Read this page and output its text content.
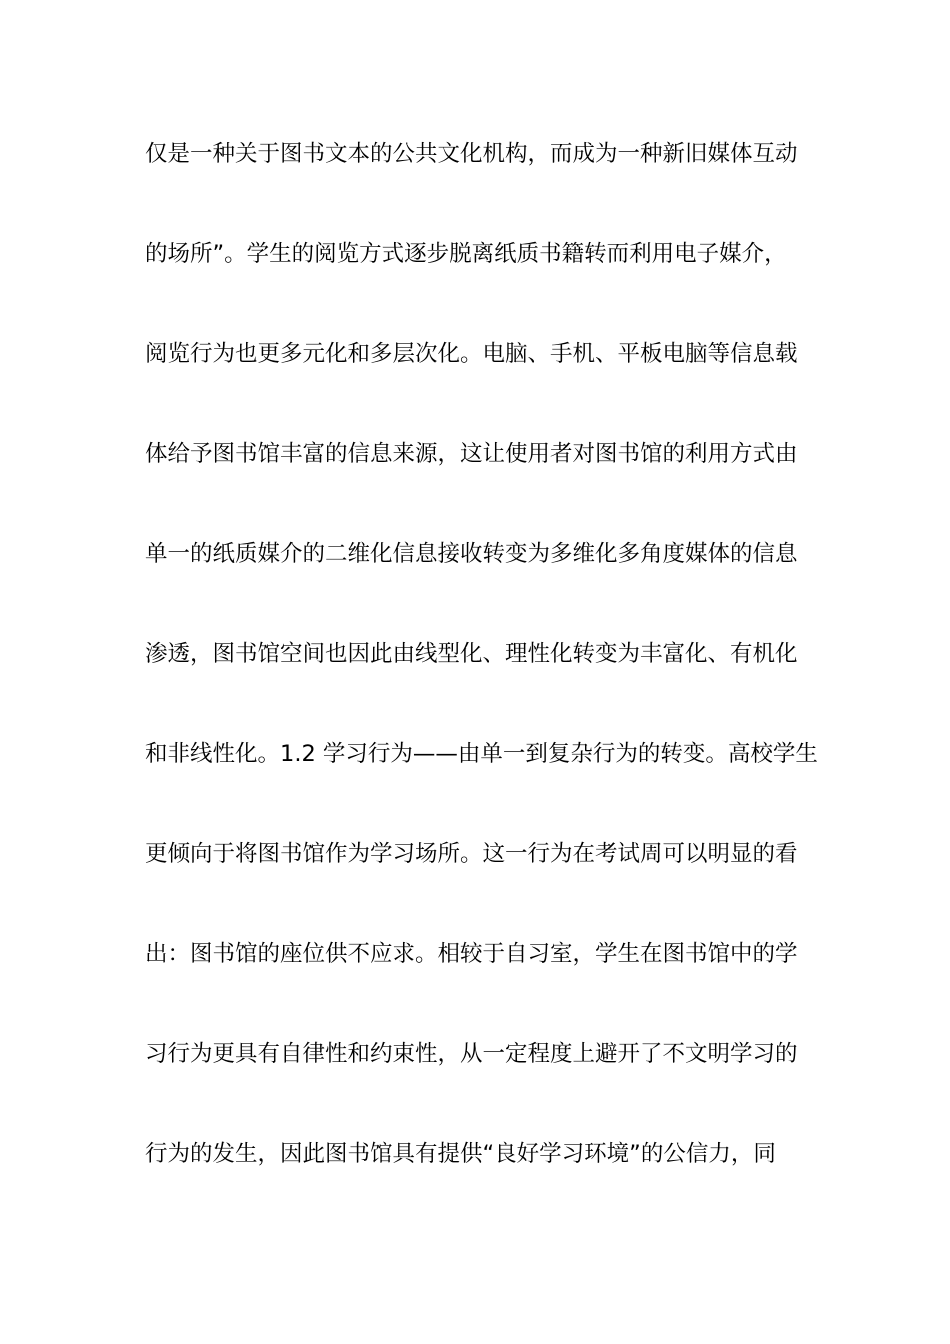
仅是一种关于图书文本的公共文化机构，而成为一种新旧媒体互动
的场所”。学生的阅览方式逐步脱离纸质书籍转而利用电子媒介，
阅览行为也更多元化和多层次化。电脑、手机、平板电脑等信息载
体给予图书馆丰富的信息来源，这让使用者对图书馆的利用方式由
单一的纸质媒介的二维化信息接收转变为多维化多角度媒体的信息
渗透，图书馆空间也因此由线型化、理性化转变为丰富化、有机化
和非线性化。1.2 学习行为——由单一到复杂行为的转变。高校学生
更倾向于将图书馆作为学习场所。这一行为在考试周可以明显的看
出：图书馆的座位供不应求。相较于自习室，学生在图书馆中的学
习行为更具有自律性和约束性，从一定程度上避开了不文明学习的
行为的发生，因此图书馆具有提供“良好学习环境”的公信力，同
